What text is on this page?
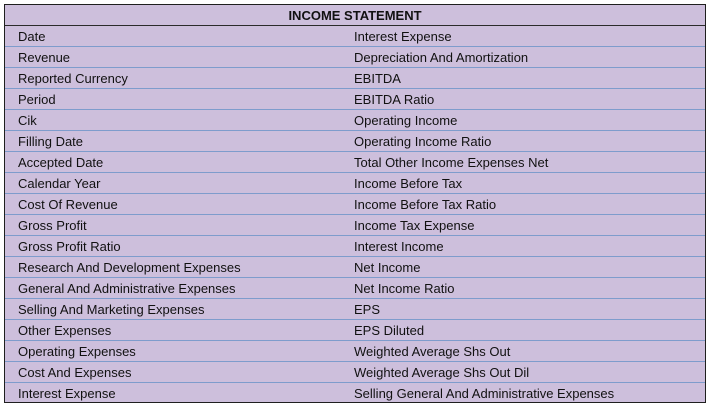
INCOME STATEMENT
Date	Interest Expense
Revenue	Depreciation And Amortization
Reported Currency	EBITDA
Period	EBITDA Ratio
Cik	Operating Income
Filling Date	Operating Income Ratio
Accepted Date	Total Other Income Expenses Net
Calendar Year	Income Before Tax
Cost Of Revenue	Income Before Tax Ratio
Gross Profit	Income Tax Expense
Gross Profit Ratio	Interest Income
Research And Development Expenses	Net Income
General And Administrative Expenses	Net Income Ratio
Selling And Marketing Expenses	EPS
Other Expenses	EPS Diluted
Operating Expenses	Weighted Average Shs Out
Cost And Expenses	Weighted Average Shs Out Dil
Interest Expense	Selling General And Administrative Expenses
